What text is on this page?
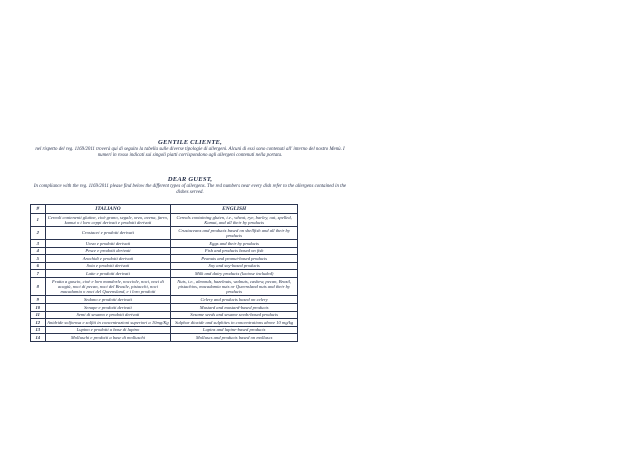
GENTILE CLIENTE,
nel rispetto del reg. 1169/2011 troverà qui di seguito la tabella sulle diverse tipologie di allergeni. Alcuni di essi sono contenuti all' interno del nostro Menù. I numeri in rosso indicati sui singoli piatti corrispondono agli allergeni contenuti nella portata.
DEAR GUEST,
In compliance with the reg. 1169/2011 please find below the different types of allergens. The red numbers near every dish refer to the allergens contained in the dishes served.
#	ITALIANO	ENGLISH
1	Cereali contenenti glutine, cioè grano, segale, orzo, avena, farro, kamut o i loro ceppi derivati e prodotti derivati	Cereals containing gluten, i.e., wheat, rye, barley, oat, spelled, Kamut, and all their by products
2	Crostacei e prodotti derivati	Crustaceans and products based on shellfish and all their by products
3	Uova e prodotti derivati	Eggs and their by products
4	Pesce e prodotti derivati	Fish and products based on fish
5	Arachidi e prodotti derivati	Peanuts and peanut-based products
6	Soia e prodotti derivati	Soy and soy-based products
7	Latte e prodotti derivati	Milk and dairy products (lactose included)
8	Frutta a guscio, cioè e loro mandorle, nocciole, noci, noci di acagiù, noci di pecan, noci del Brasile, pistacchi, noci macadamia o noci del Queensland, e i loro prodotti	Nuts, i.e., almonds, hazelnuts, walnuts, cashew, pecan, Brazil, pistachios, macadamia nuts or Queensland nuts and their by products
9	Sedano e prodotti derivati	Celery and products based on celery
10	Senape e prodotti derivati	Mustard and mustard-based products
11	Semi di sesamo e prodotti derivati	Sesame seeds and sesame seeds-based products
12	Anidride solforosa e solfiti in concentrazioni superiori a 10mg/Kg	Sulphur dioxide and sulphites in concentrations above 10 mg/kg
13	Lupino e prodotti a base di lupino	Lupins and lupine-based products
14	Molluschi e prodotti a base di molluschi	Molluscs and products based on molluscs
